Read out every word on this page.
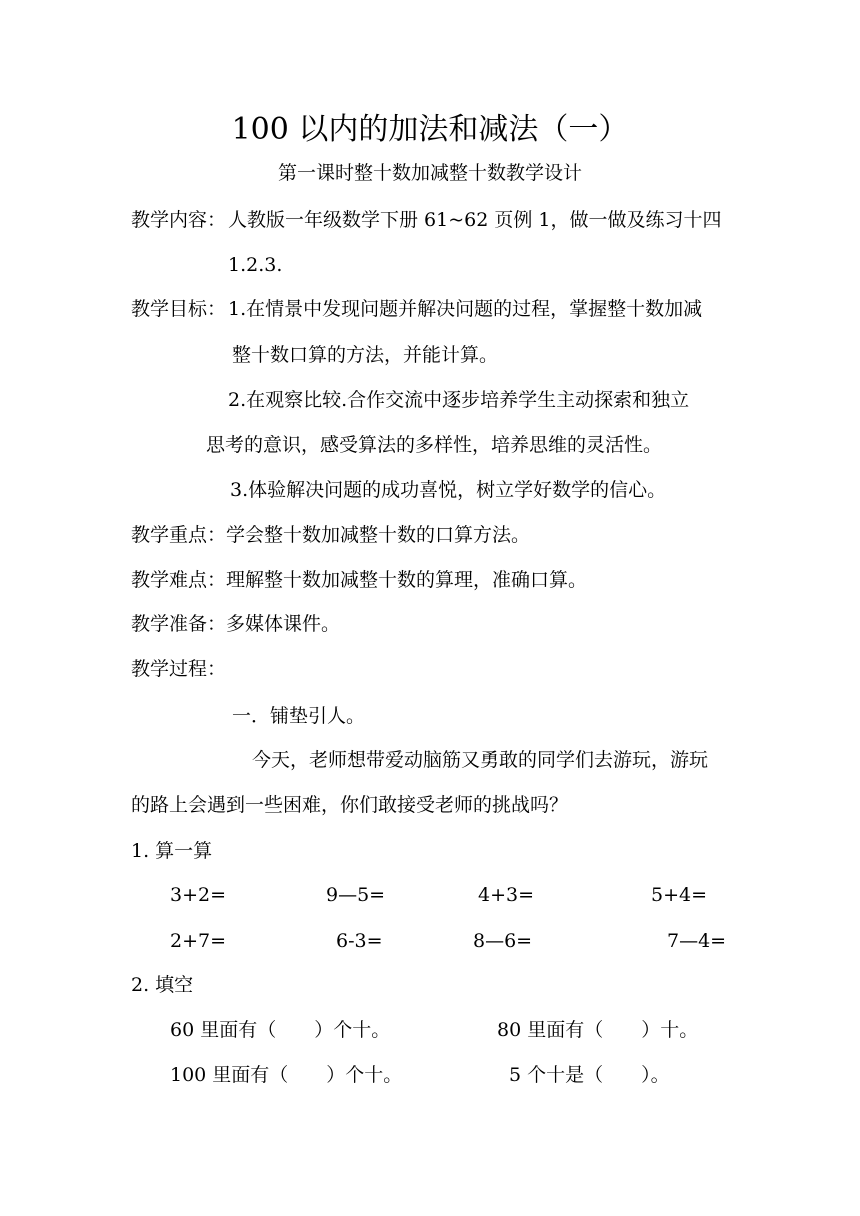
100 以内的加法和减法（一）
第一课时整十数加减整十数教学设计
教学内容： 人教版一年级数学下册 61~62 页例 1，做一做及练习十四
1.2.3.
教学目标： 1.在情景中发现问题并解决问题的过程，掌握整十数加减
整十数口算的方法，并能计算。
2.在观察比较.合作交流中逐步培养学生主动探索和独立
思考的意识，感受算法的多样性，培养思维的灵活性。
3.体验解决问题的成功喜悦，树立学好数学的信心。
教学重点：学会整十数加减整十数的口算方法。
教学难点：理解整十数加减整十数的算理，准确口算。
教学准备：多媒体课件。
教学过程：
一．铺垫引人。
今天，老师想带爱动脑筋又勇敢的同学们去游玩，游玩
的路上会遇到一些困难，你们敢接受老师的挑战吗？
1. 算一算
3+2=	9—5=	4+3=	5+4=
2+7=	6-3=	8—6=	7—4=
2. 填空
60 里面有（　　）个十。	80 里面有（　　）十。
100 里面有（　　）个十。	5 个十是（　　）。
